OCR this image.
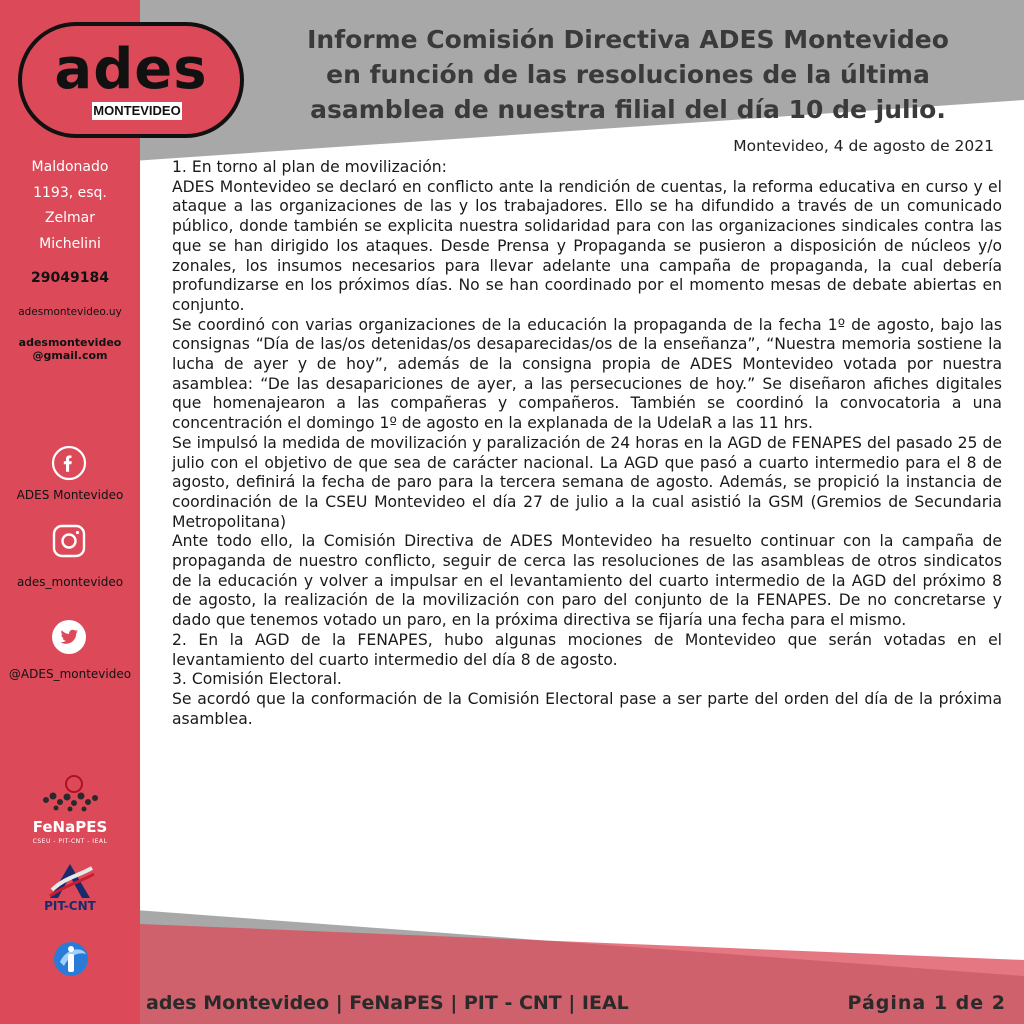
ades
MONTEVIDEO
Maldonado
1193, esq.
Zelmar
Michelini
29049184
adesmontevideo.uy
adesmontevideo
@gmail.com
ADES Montevideo
ades_montevideo
@ADES_montevideo
FeNaPES
CSEU - PIT-CNT - IEAL
PIT-CNT
Informe Comisión Directiva ADES Montevideo
en función de las resoluciones de la última
asamblea de nuestra filial del día 10 de julio.
Montevideo, 4 de agosto de 2021

1. En torno al plan de movilización:

ADES Montevideo se declaró en conflicto ante la rendición de cuentas, la reforma educativa en curso y el ataque a las organizaciones de las y los trabajadores. Ello se ha difundido a través de un comunicado público, donde también se explicita nuestra solidaridad para con las organizaciones sindicales contra las que se han dirigido los ataques. Desde Prensa y Propaganda se pusieron a disposición de núcleos y/o zonales, los insumos necesarios para llevar adelante una campaña de propaganda, la cual debería profundizarse en los próximos días. No se han coordinado por el momento mesas de debate abiertas en conjunto.

Se coordinó con varias organizaciones de la educación la propaganda de la fecha 1º de agosto, bajo las consignas “Día de las/os detenidas/os desaparecidas/os de la enseñanza”, “Nuestra memoria sostiene la lucha de ayer y de hoy”, además de la consigna propia de ADES Montevideo votada por nuestra asamblea: “De las desapariciones de ayer, a las persecuciones de hoy.” Se diseñaron afiches digitales que homenajearon a las compañeras y compañeros. También se coordinó la convocatoria a una concentración el domingo 1º de agosto en la explanada de la UdelaR a las 11 hrs.

Se impulsó la medida de movilización y paralización de 24 horas en la AGD de FENAPES del pasado 25 de julio con el objetivo de que sea de carácter nacional. La AGD que pasó a cuarto intermedio para el 8 de agosto, definirá la fecha de paro para la tercera semana de agosto. Además, se propició la instancia de coordinación de la CSEU Montevideo el día 27 de julio a la cual asistió la GSM (Gremios de Secundaria Metropolitana)

Ante todo ello, la Comisión Directiva de ADES Montevideo ha resuelto continuar con la campaña de propaganda de nuestro conflicto, seguir de cerca las resoluciones de las asambleas de otros sindicatos de la educación y volver a impulsar en el levantamiento del cuarto intermedio de la AGD del próximo 8 de agosto, la realización de la movilización con paro del conjunto de la FENAPES. De no concretarse y dado que tenemos votado un paro, en la próxima directiva se fijaría una fecha para el mismo.

2. En la AGD de la FENAPES, hubo algunas mociones de Montevideo que serán votadas en el levantamiento del cuarto intermedio del día 8 de agosto.

3. Comisión Electoral.

Se acordó que la conformación de la Comisión Electoral pase a ser parte del orden del día de la próxima asamblea.

ades Montevideo | FeNaPES | PIT - CNT | IEAL	Página 1 de 2
